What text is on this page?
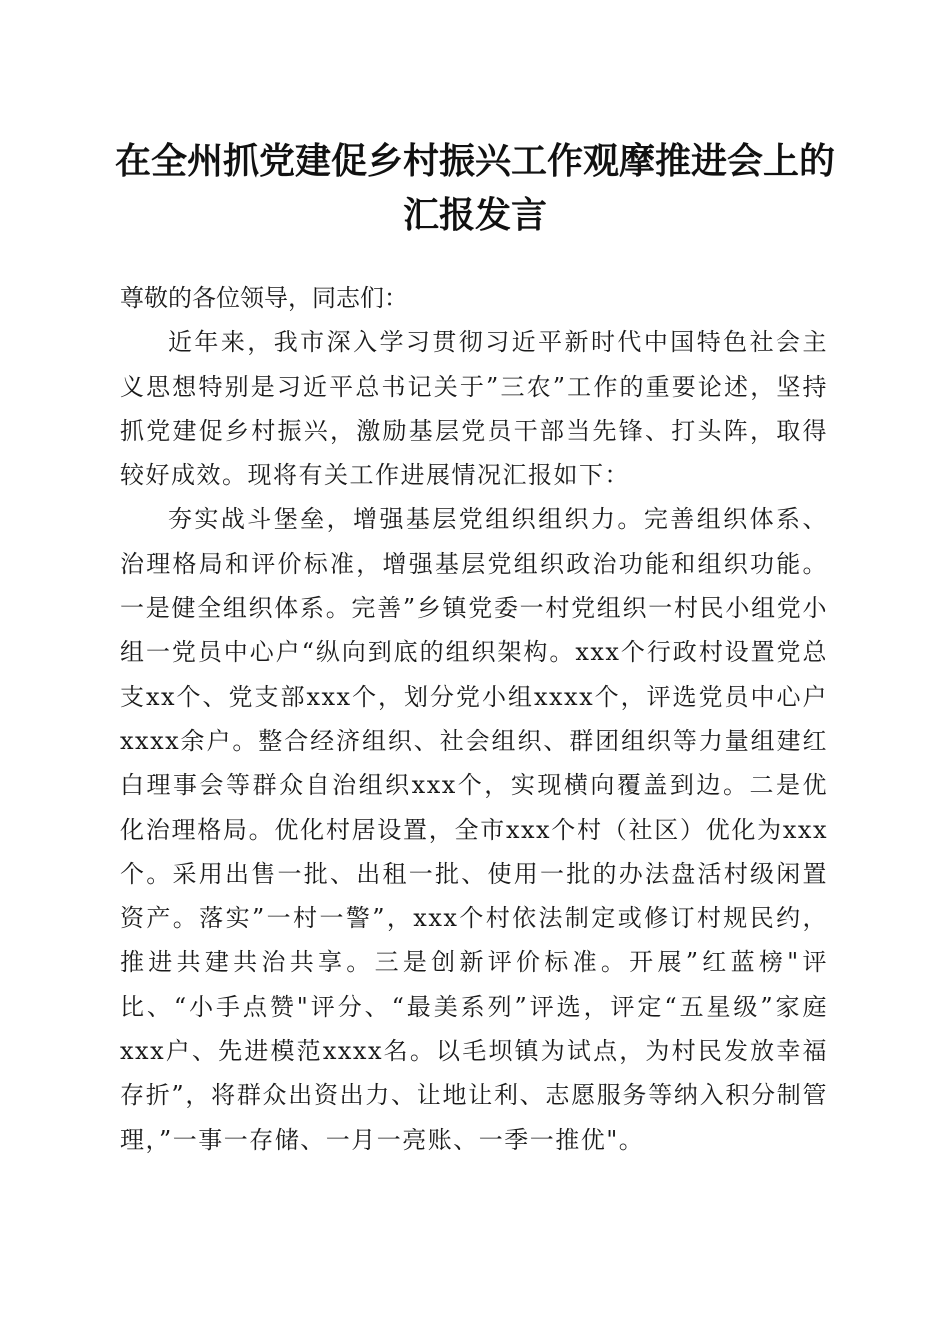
在全州抓党建促乡村振兴工作观摩推进会上的汇报发言

尊敬的各位领导，同志们：

近年来，我市深入学习贯彻习近平新时代中国特色社会主义思想特别是习近平总书记关于”三农”工作的重要论述，坚持抓党建促乡村振兴，激励基层党员干部当先锋、打头阵，取得较好成效。现将有关工作进展情况汇报如下：

夯实战斗堡垒，增强基层党组织组织力。完善组织体系、治理格局和评价标准，增强基层党组织政治功能和组织功能。一是健全组织体系。完善”乡镇党委一村党组织一村民小组党小组一党员中心户“纵向到底的组织架构。xxx个行政村设置党总支xx个、党支部xxx个，划分党小组xxxx个，评选党员中心户xxxx余户。整合经济组织、社会组织、群团组织等力量组建红白理事会等群众自治组织xxx个，实现横向覆盖到边。二是优化治理格局。优化村居设置，全市xxx个村（社区）优化为xxx个。采用出售一批、出租一批、使用一批的办法盘活村级闲置资产。落实”一村一警”，xxx个村依法制定或修订村规民约，推进共建共治共享。三是创新评价标准。开展”红蓝榜"评比、“小手点赞"评分、“最美系列”评选，评定“五星级”家庭xxx户、先进模范xxxx名。以毛坝镇为试点，为村民发放幸福存折”，将群众出资出力、让地让利、志愿服务等纳入积分制管理，”一事一存储、一月一亮账、一季一推优"。
